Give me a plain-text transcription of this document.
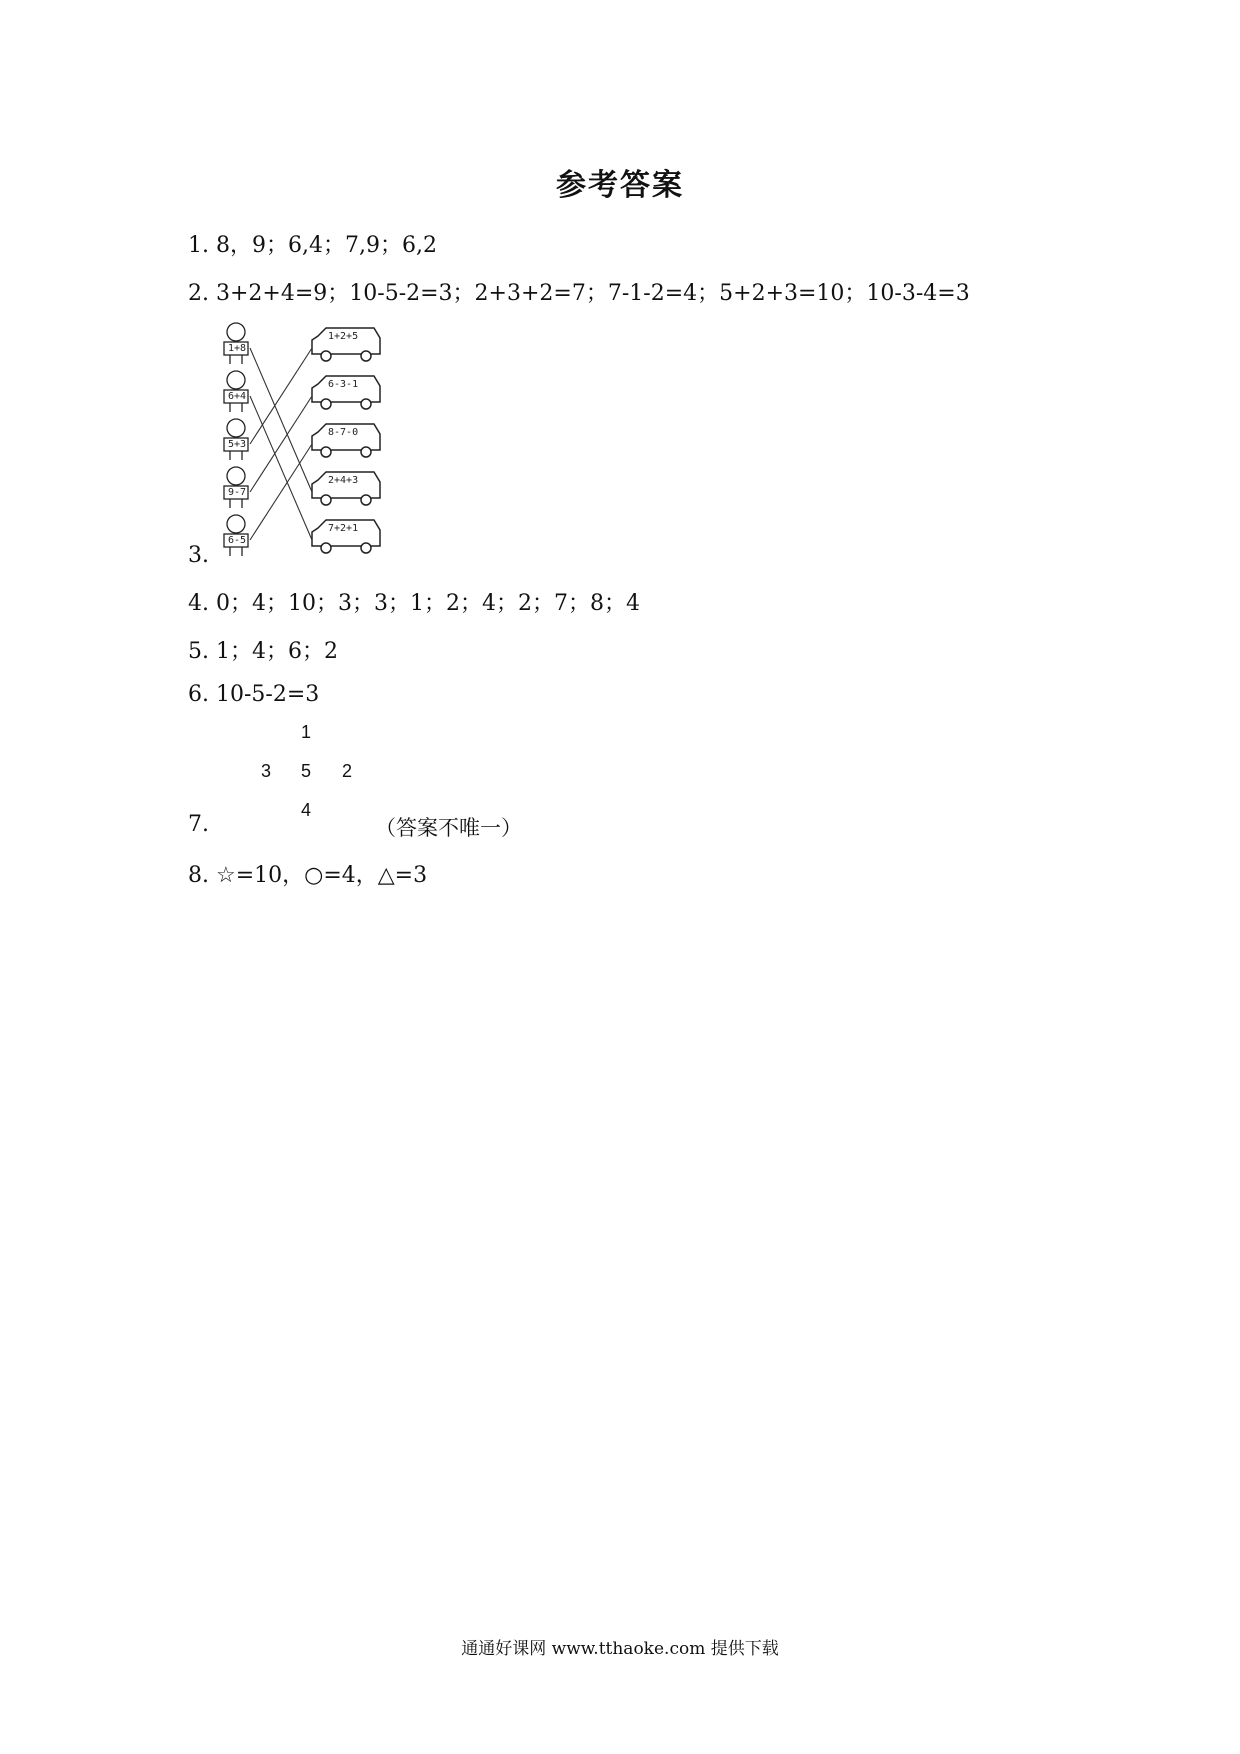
参考答案
1. 8，9；6,4；7,9；6,2
2. 3+2+4=9；10-5-2=3；2+3+2=7；7-1-2=4；5+2+3=10；10-3-4=3
1+8
6+4
5+3
9-7
6-5
1+2+5
6-3-1
8-7-0
2+4+3
7+2+1
3.
4. 0；4；10；3；3；1；2；4；2；7；8；4
5. 1；4；6；2
6. 10-5-2=3
1
3 5 2
4
7.	（答案不唯一）
8. ☆=10，○=4，△=3
通通好课网 www.tthaoke.com 提供下载
